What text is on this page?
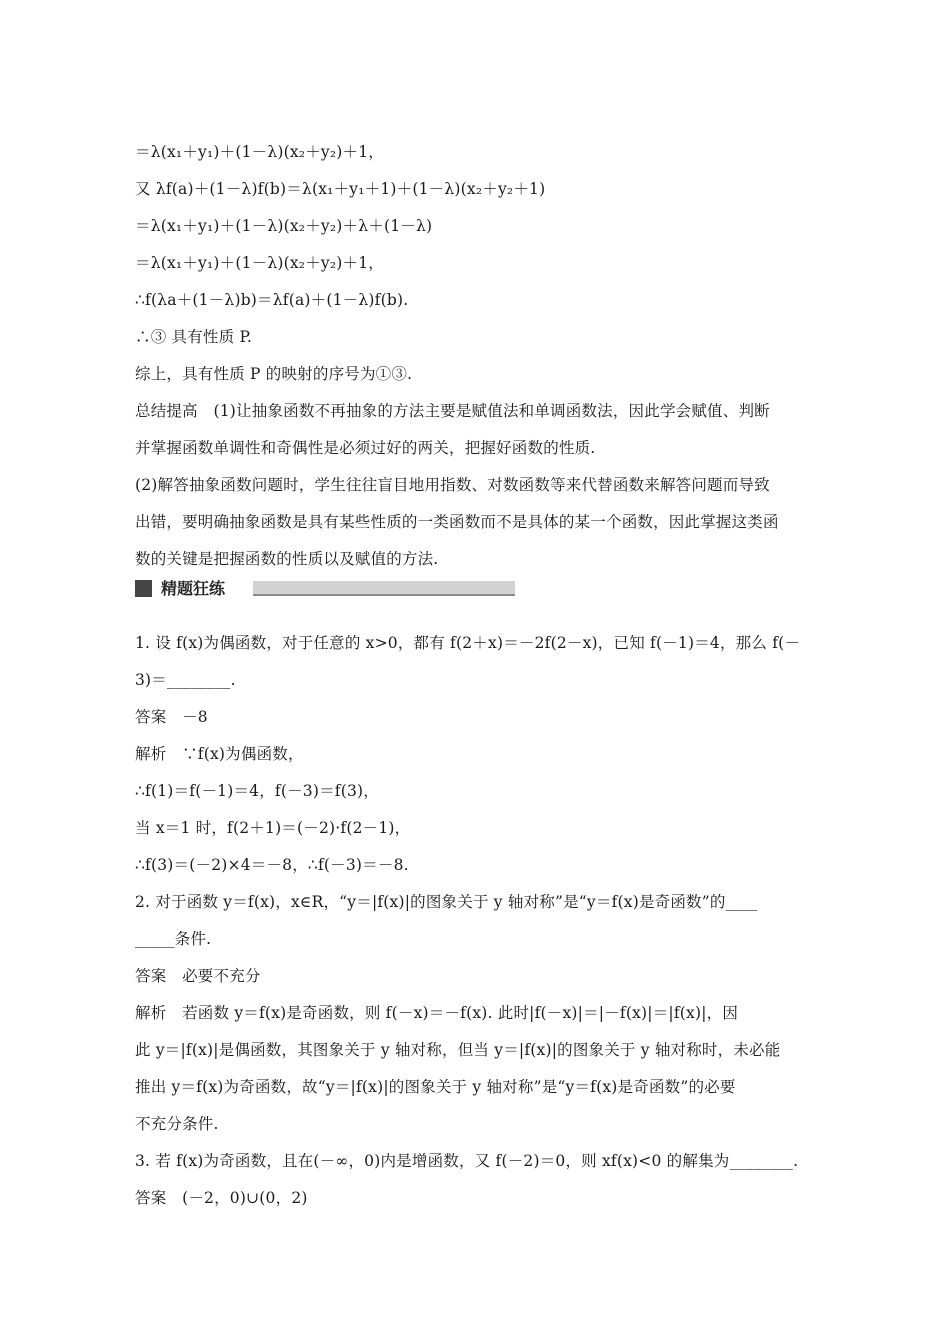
＝λ(x₁＋y₁)＋(1－λ)(x₂＋y₂)＋1，
又 λf(a)＋(1－λ)f(b)＝λ(x₁＋y₁＋1)＋(1－λ)(x₂＋y₂＋1)
＝λ(x₁＋y₁)＋(1－λ)(x₂＋y₂)＋λ＋(1－λ)
＝λ(x₁＋y₁)＋(1－λ)(x₂＋y₂)＋1，
∴f(λa＋(1－λ)b)＝λf(a)＋(1－λ)f(b).
∴③ 具有性质 P.
综上，具有性质 P 的映射的序号为①③.
总结提高　(1)让抽象函数不再抽象的方法主要是赋值法和单调函数法，因此学会赋值、判断
并掌握函数单调性和奇偶性是必须过好的两关，把握好函数的性质.
(2)解答抽象函数问题时，学生往往盲目地用指数、对数函数等来代替函数来解答问题而导致
出错，要明确抽象函数是具有某些性质的一类函数而不是具体的某一个函数，因此掌握这类函
数的关键是把握函数的性质以及赋值的方法.
精题狂练
1. 设 f(x)为偶函数，对于任意的 x>0，都有 f(2＋x)＝－2f(2－x)，已知 f(－1)＝4，那么 f(－
3)＝________.
答案　－8
解析　∵f(x)为偶函数，
∴f(1)＝f(－1)＝4，f(－3)＝f(3)，
当 x＝1 时，f(2＋1)＝(－2)·f(2－1)，
∴f(3)＝(－2)×4＝－8，∴f(－3)＝－8.
2. 对于函数 y＝f(x)，x∈R，“y＝|f(x)|的图象关于 y 轴对称”是“y＝f(x)是奇函数”的____
_____条件.
答案　必要不充分
解析　若函数 y＝f(x)是奇函数，则 f(－x)＝－f(x). 此时|f(－x)|＝|－f(x)|＝|f(x)|，因
此 y＝|f(x)|是偶函数，其图象关于 y 轴对称，但当 y＝|f(x)|的图象关于 y 轴对称时，未必能
推出 y＝f(x)为奇函数，故“y＝|f(x)|的图象关于 y 轴对称”是“y＝f(x)是奇函数”的必要
不充分条件.
3. 若 f(x)为奇函数，且在(－∞，0)内是增函数，又 f(－2)＝0，则 xf(x)<0 的解集为________.
答案　(－2，0)∪(0，2)
